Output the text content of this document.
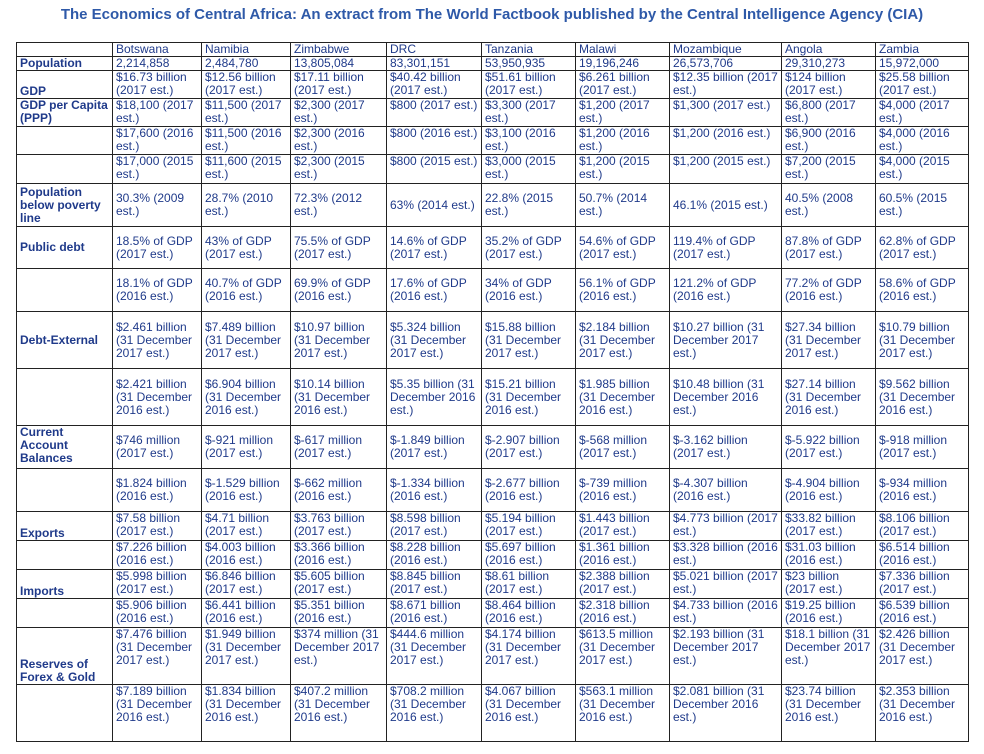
The Economics of Central Africa: An extract from The World Factbook published by the Central Intelligence Agency (CIA)
	Botswana	Namibia	Zimbabwe	DRC	Tanzania	Malawi	Mozambique	Angola	Zambia
Population	2,214,858	2,484,780	13,805,084	83,301,151	53,950,935	19,196,246	26,573,706	29,310,273	15,972,000
GDP	$16.73 billion (2017 est.)	$12.56 billion (2017 est.)	$17.11 billion (2017 est.)	$40.42 billion (2017 est.)	$51.61 billion (2017 est.)	$6.261 billion (2017 est.)	$12.35 billion (2017 est.)	$124 billion (2017 est.)	$25.58 billion (2017 est.)
GDP per Capita (PPP)	$18,100 (2017 est.)	$11,500 (2017 est.)	$2,300 (2017 est.)	$800 (2017 est.)	$3,300 (2017 est.)	$1,200 (2017 est.)	$1,300 (2017 est.)	$6,800 (2017 est.)	$4,000 (2017 est.)
	$17,600 (2016 est.)	$11,500 (2016 est.)	$2,300 (2016 est.)	$800 (2016 est.)	$3,100 (2016 est.)	$1,200 (2016 est.)	$1,200 (2016 est.)	$6,900 (2016 est.)	$4,000 (2016 est.)
	$17,000 (2015 est.)	$11,600 (2015 est.)	$2,300 (2015 est.)	$800 (2015 est.)	$3,000 (2015 est.)	$1,200 (2015 est.)	$1,200 (2015 est.)	$7,200 (2015 est.)	$4,000 (2015 est.)
Population below poverty line	30.3% (2009 est.)	28.7% (2010 est.)	72.3% (2012 est.)	63% (2014 est.)	22.8% (2015 est.)	50.7% (2014 est.)	46.1% (2015 est.)	40.5% (2008 est.)	60.5% (2015 est.)
Public debt	18.5% of GDP (2017 est.)	43% of GDP (2017 est.)	75.5% of GDP (2017 est.)	14.6% of GDP (2017 est.)	35.2% of GDP (2017 est.)	54.6% of GDP (2017 est.)	119.4% of GDP (2017 est.)	87.8% of GDP (2017 est.)	62.8% of GDP (2017 est.)
	18.1% of GDP (2016 est.)	40.7% of GDP (2016 est.)	69.9% of GDP (2016 est.)	17.6% of GDP (2016 est.)	34% of GDP (2016 est.)	56.1% of GDP (2016 est.)	121.2% of GDP (2016 est.)	77.2% of GDP (2016 est.)	58.6% of GDP (2016 est.)
Debt-External	$2.461 billion (31 December 2017 est.)	$7.489 billion (31 December 2017 est.)	$10.97 billion (31 December 2017 est.)	$5.324 billion (31 December 2017 est.)	$15.88 billion (31 December 2017 est.)	$2.184 billion (31 December 2017 est.)	$10.27 billion (31 December 2017 est.)	$27.34 billion (31 December 2017 est.)	$10.79 billion (31 December 2017 est.)
	$2.421 billion (31 December 2016 est.)	$6.904 billion (31 December 2016 est.)	$10.14 billion (31 December 2016 est.)	$5.35 billion (31 December 2016 est.)	$15.21 billion (31 December 2016 est.)	$1.985 billion (31 December 2016 est.)	$10.48 billion (31 December 2016 est.)	$27.14 billion (31 December 2016 est.)	$9.562 billion (31 December 2016 est.)
Current Account Balances	$746 million (2017 est.)	$-921 million (2017 est.)	$-617 million (2017 est.)	$-1.849 billion (2017 est.)	$-2.907 billion (2017 est.)	$-568 million (2017 est.)	$-3.162 billion (2017 est.)	$-5.922 billion (2017 est.)	$-918 million (2017 est.)
	$1.824 billion (2016 est.)	$-1.529 billion (2016 est.)	$-662 million (2016 est.)	$-1.334 billion (2016 est.)	$-2.677 billion (2016 est.)	$-739 million (2016 est.)	$-4.307 billion (2016 est.)	$-4.904 billion (2016 est.)	$-934 million (2016 est.)
Exports	$7.58 billion (2017 est.)	$4.71 billion (2017 est.)	$3.763 billion (2017 est.)	$8.598 billion (2017 est.)	$5.194 billion (2017 est.)	$1.443 billion (2017 est.)	$4.773 billion (2017 est.)	$33.82 billion (2017 est.)	$8.106 billion (2017 est.)
	$7.226 billion (2016 est.)	$4.003 billion (2016 est.)	$3.366 billion (2016 est.)	$8.228 billion (2016 est.)	$5.697 billion (2016 est.)	$1.361 billion (2016 est.)	$3.328 billion (2016 est.)	$31.03 billion (2016 est.)	$6.514 billion (2016 est.)
Imports	$5.998 billion (2017 est.)	$6.846 billion (2017 est.)	$5.605 billion (2017 est.)	$8.845 billion (2017 est.)	$8.61 billion (2017 est.)	$2.388 billion (2017 est.)	$5.021 billion (2017 est.)	$23 billion (2017 est.)	$7.336 billion (2017 est.)
	$5.906 billion (2016 est.)	$6.441 billion (2016 est.)	$5.351 billion (2016 est.)	$8.671 billion (2016 est.)	$8.464 billion (2016 est.)	$2.318 billion (2016 est.)	$4.733 billion (2016 est.)	$19.25 billion (2016 est.)	$6.539 billion (2016 est.)
Reserves of Forex & Gold	$7.476 billion (31 December 2017 est.)	$1.949 billion (31 December 2017 est.)	$374 million (31 December 2017 est.)	$444.6 million (31 December 2017 est.)	$4.174 billion (31 December 2017 est.)	$613.5 million (31 December 2017 est.)	$2.193 billion (31 December 2017 est.)	$18.1 billion (31 December 2017 est.)	$2.426 billion (31 December 2017 est.)
	$7.189 billion (31 December 2016 est.)	$1.834 billion (31 December 2016 est.)	$407.2 million (31 December 2016 est.)	$708.2 million (31 December 2016 est.)	$4.067 billion (31 December 2016 est.)	$563.1 million (31 December 2016 est.)	$2.081 billion (31 December 2016 est.)	$23.74 billion (31 December 2016 est.)	$2.353 billion (31 December 2016 est.)
